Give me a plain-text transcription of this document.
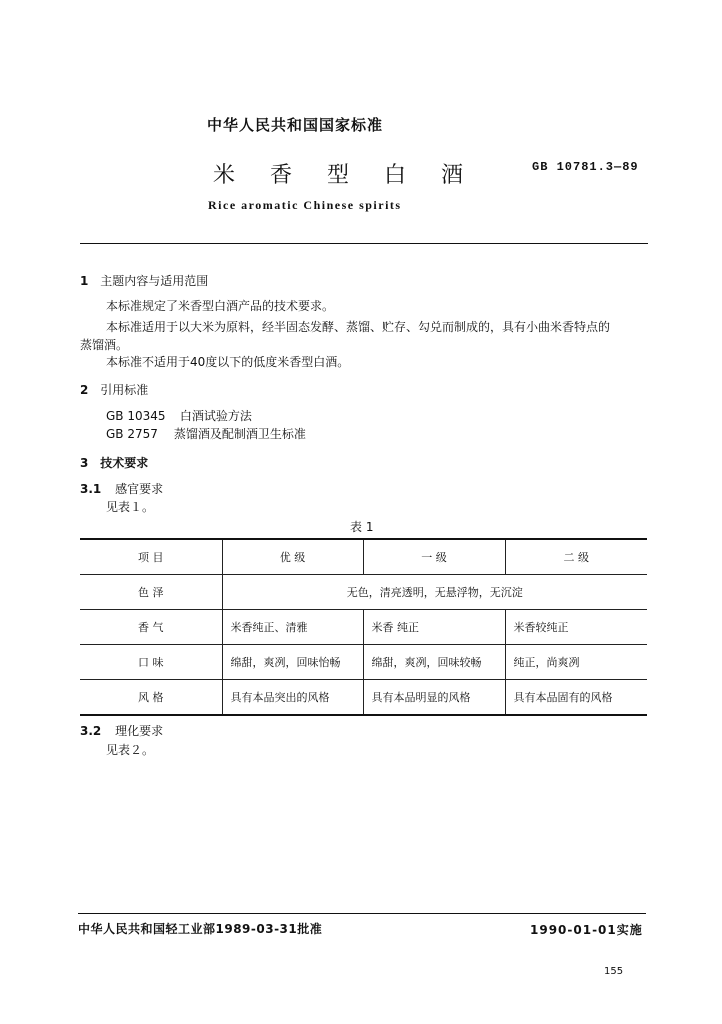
中华人民共和国国家标准
米 香 型 白 酒	GB 10781.3—89
Rice aromatic Chinese spirits
1 主题内容与适用范围
本标准规定了米香型白酒产品的技术要求。
本标准适用于以大米为原料，经半固态发酵、蒸馏、贮存、勾兑而制成的，具有小曲米香特点的
蒸馏酒。
本标准不适用于40度以下的低度米香型白酒。
2 引用标准
GB 10345 白酒试验方法
GB 2757 蒸馏酒及配制酒卫生标准
3 技术要求
3.1 感官要求
见表１。
表 1
项 目	优 级	一 级	二 级
色 泽	无色，清亮透明，无悬浮物，无沉淀		
香 气	米香纯正、清雅	米香 纯正	米香较纯正
口 味	绵甜，爽冽，回味怡畅	绵甜，爽冽，回味较畅	纯正，尚爽冽
风 格	具有本品突出的风格	具有本品明显的风格	具有本品固有的风格
3.2 理化要求
见表２。
中华人民共和国轻工业部1989-03-31批准	1990-01-01实施
155
